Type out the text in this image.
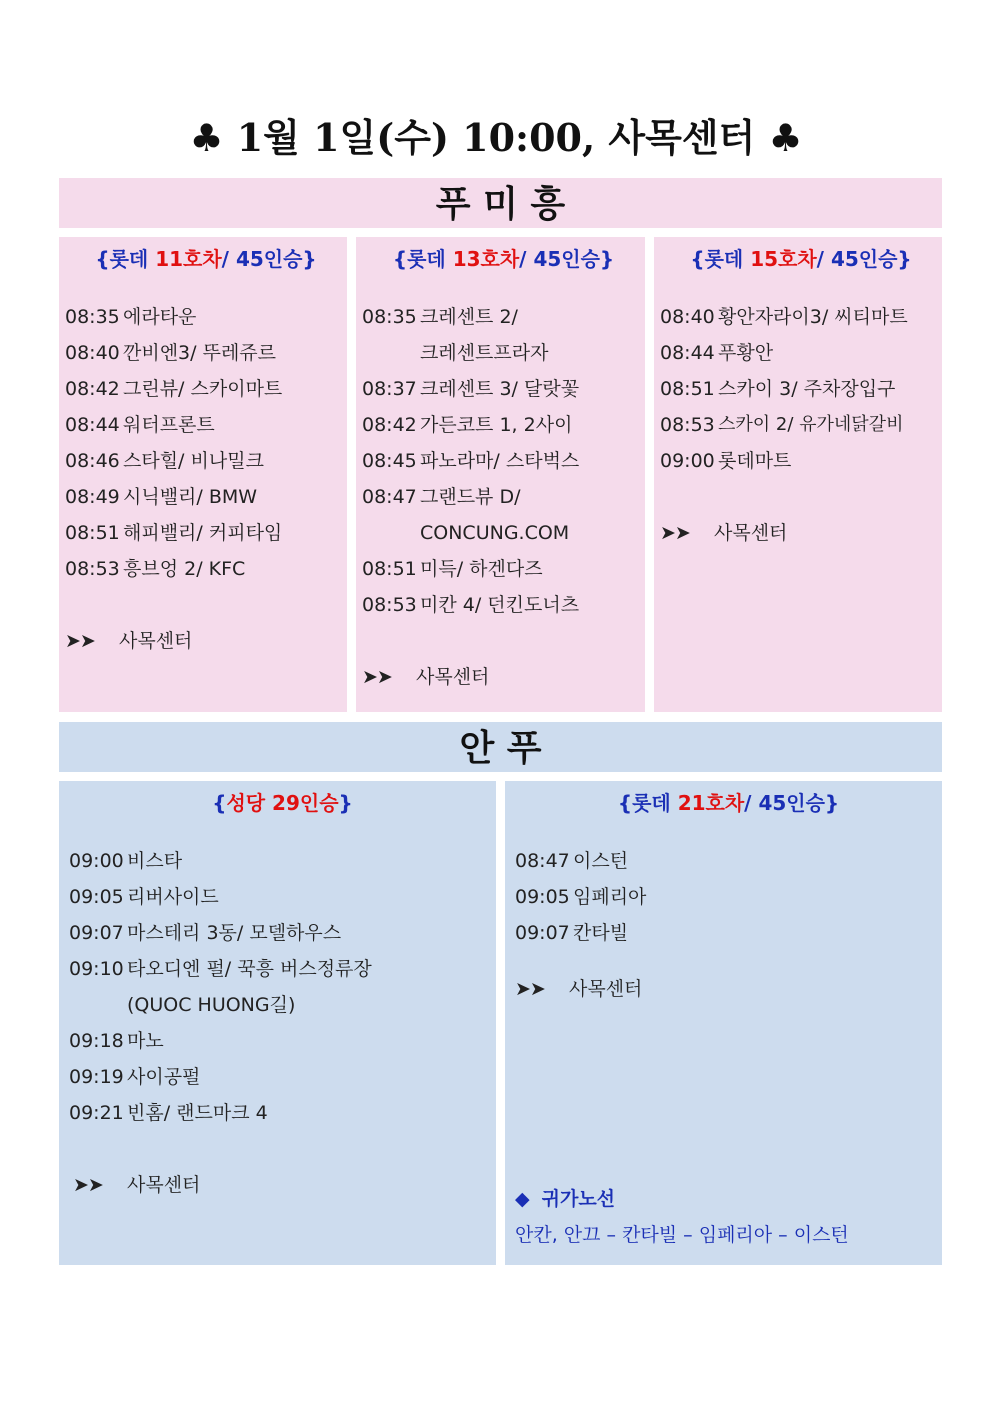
♣ 1월 1일(수) 10:00, 사목센터 ♣
푸 미 흥
{롯데 11호차/ 45인승}
08:35 에라타운
08:40 깐비엔3/ 뚜레쥬르
08:42 그린뷰/ 스카이마트
08:44 워터프론트
08:46 스타힐/ 비나밀크
08:49 시닉밸리/ BMW
08:51 해피밸리/ 커피타임
08:53 흥브엉 2/ KFC
➤➤	사목센터
{롯데 13호차/ 45인승}
08:35 크레센트 2/
크레센트프라자
08:37 크레센트 3/ 달랏꽃
08:42 가든코트 1, 2사이
08:45 파노라마/ 스타벅스
08:47 그랜드뷰 D/
CONCUNG.COM
08:51 미득/ 하겐다즈
08:53 미칸 4/ 던킨도너츠
➤➤	사목센터
{롯데 15호차/ 45인승}
08:40 황안자라이3/ 씨티마트
08:44 푸황안
08:51 스카이 3/ 주차장입구
08:53 스카이 2/ 유가네닭갈비
09:00 롯데마트
➤➤	사목센터
안 푸
{성당 29인승}
09:00 비스타
09:05 리버사이드
09:07 마스테리 3동/ 모델하우스
09:10 타오디엔 펄/ 꾹흥 버스정류장
(QUOC HUONG길)
09:18 마노
09:19 사이공펄
09:21 빈홈/ 랜드마크 4
➤➤	사목센터
{롯데 21호차/ 45인승}
08:47 이스턴
09:05 임페리아
09:07 칸타빌
➤➤	사목센터
◆ 귀가노선
안칸, 안끄 – 칸타빌 – 임페리아 – 이스턴
